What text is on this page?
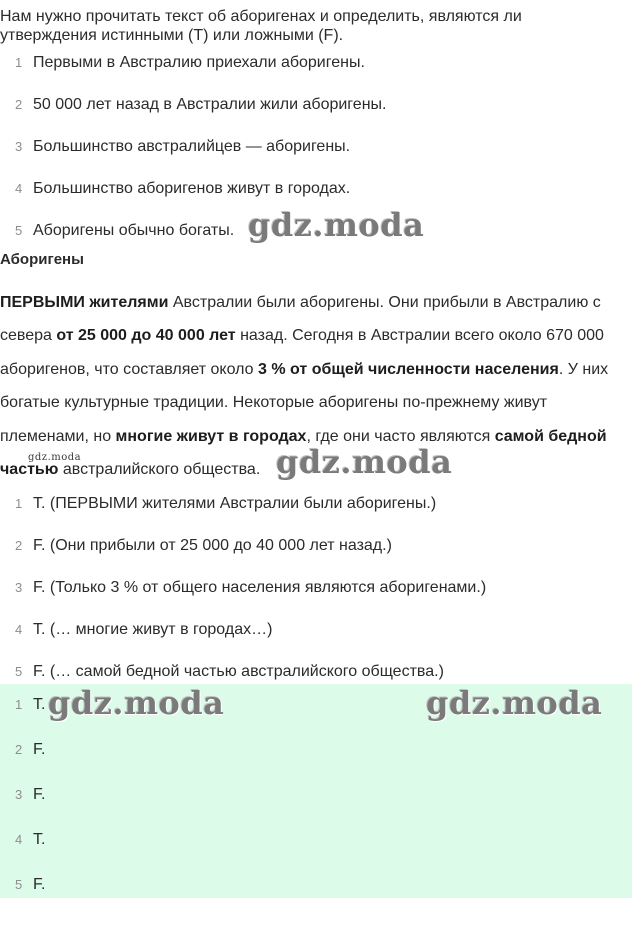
Нам нужно прочитать текст об аборигенах и определить, являются ли
утверждения истинными (T) или ложными (F).
1 Первыми в Австралию приехали аборигены.
2 50 000 лет назад в Австралии жили аборигены.
3 Большинство австралийцев — аборигены.
4 Большинство аборигенов живут в городах.
5 Аборигены обычно богаты. gdz.moda
Аборигены
ПЕРВЫМИ жителями Австралии были аборигены. Они прибыли в Австралию с севера от 25 000 до 40 000 лет назад. Сегодня в Австралии всего около 670 000 аборигенов, что составляет около 3 % от общей численности населения. У них богатые культурные традиции. Некоторые аборигены по-прежнему живут племенами, но многие живут в городах, где они часто являются самой бедной частью австралийского общества.
gdz.moda	gdz.moda
1 T. (ПЕРВЫМИ жителями Австралии были аборигены.)
2 F. (Они прибыли от 25 000 до 40 000 лет назад.)
3 F. (Только 3 % от общего населения являются аборигенами.)
4 T. (… многие живут в городах…)
5 F. (… самой бедной частью австралийского общества.)
1 T.
2 F.
3 F.
4 T.
5 F.
gdz.moda	gdz.moda
